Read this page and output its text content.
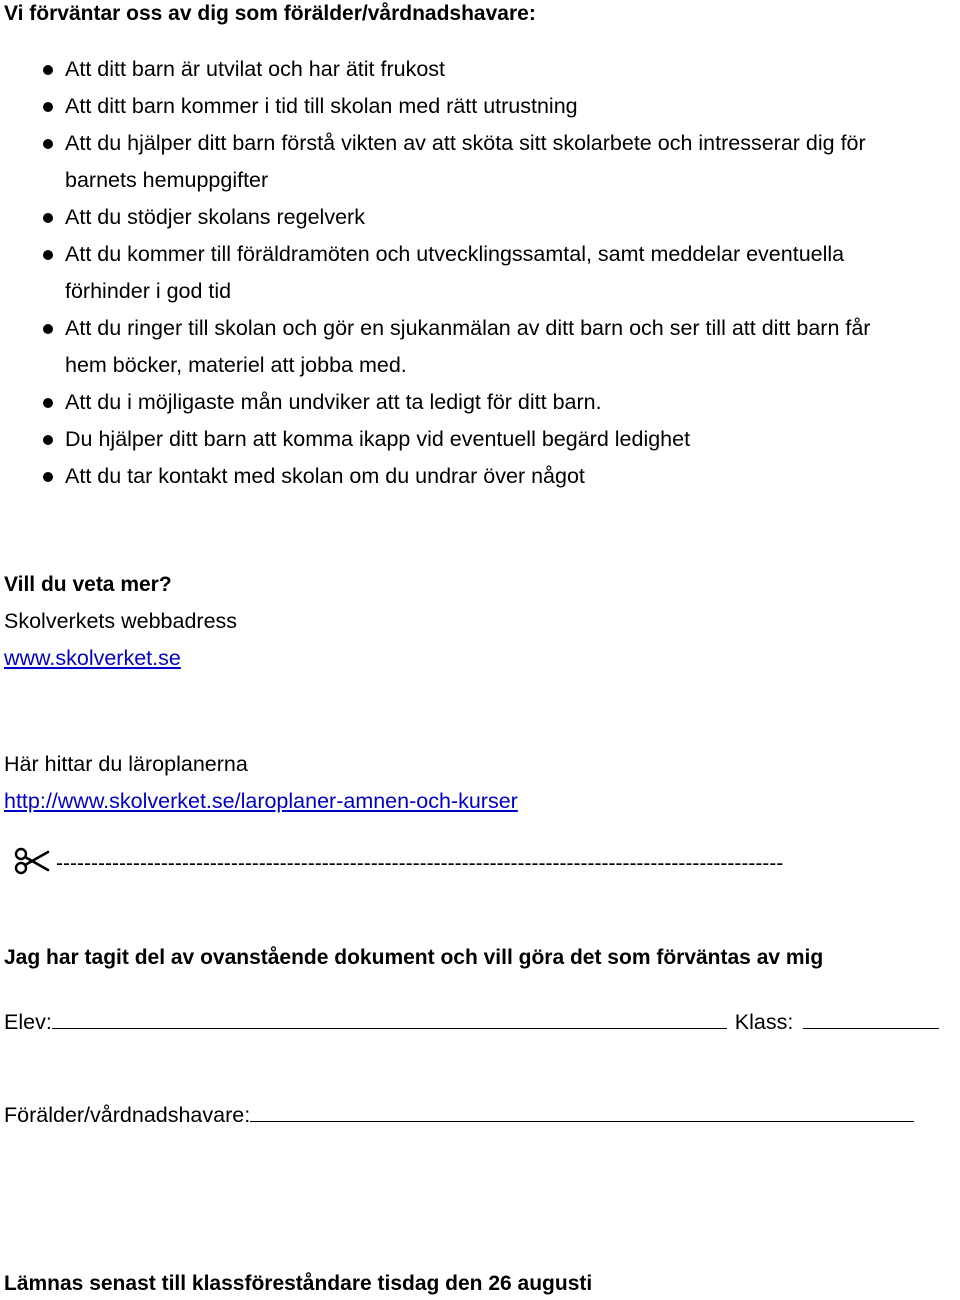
Vi förväntar oss av dig som förälder/vårdnadshavare:
Att ditt barn är utvilat och har ätit frukost
Att ditt barn kommer i tid till skolan med rätt utrustning
Att du hjälper ditt barn förstå vikten av att sköta sitt skolarbete och intresserar dig för
barnets hemuppgifter
Att du stödjer skolans regelverk
Att du kommer till föräldramöten och utvecklingssamtal, samt meddelar eventuella
förhinder i god tid
Att du ringer till skolan och gör en sjukanmälan av ditt barn och ser till att ditt barn får
hem böcker, materiel att jobba med.
Att du i möjligaste mån undviker att ta ledigt för ditt barn.
Du hjälper ditt barn att komma ikapp vid eventuell begärd ledighet
Att du tar kontakt med skolan om du undrar över något
Vill du veta mer?
Skolverkets webbadress
www.skolverket.se
Här hittar du läroplanerna
http://www.skolverket.se/laroplaner-amnen-och-kurser
--------------------------------------------------------------------------------------------------------
Jag har tagit del av ovanstående dokument och vill göra det som förväntas av mig
Elev:	Klass:
Förälder/vårdnadshavare:
Lämnas senast till klassföreståndare tisdag den 26 augusti
